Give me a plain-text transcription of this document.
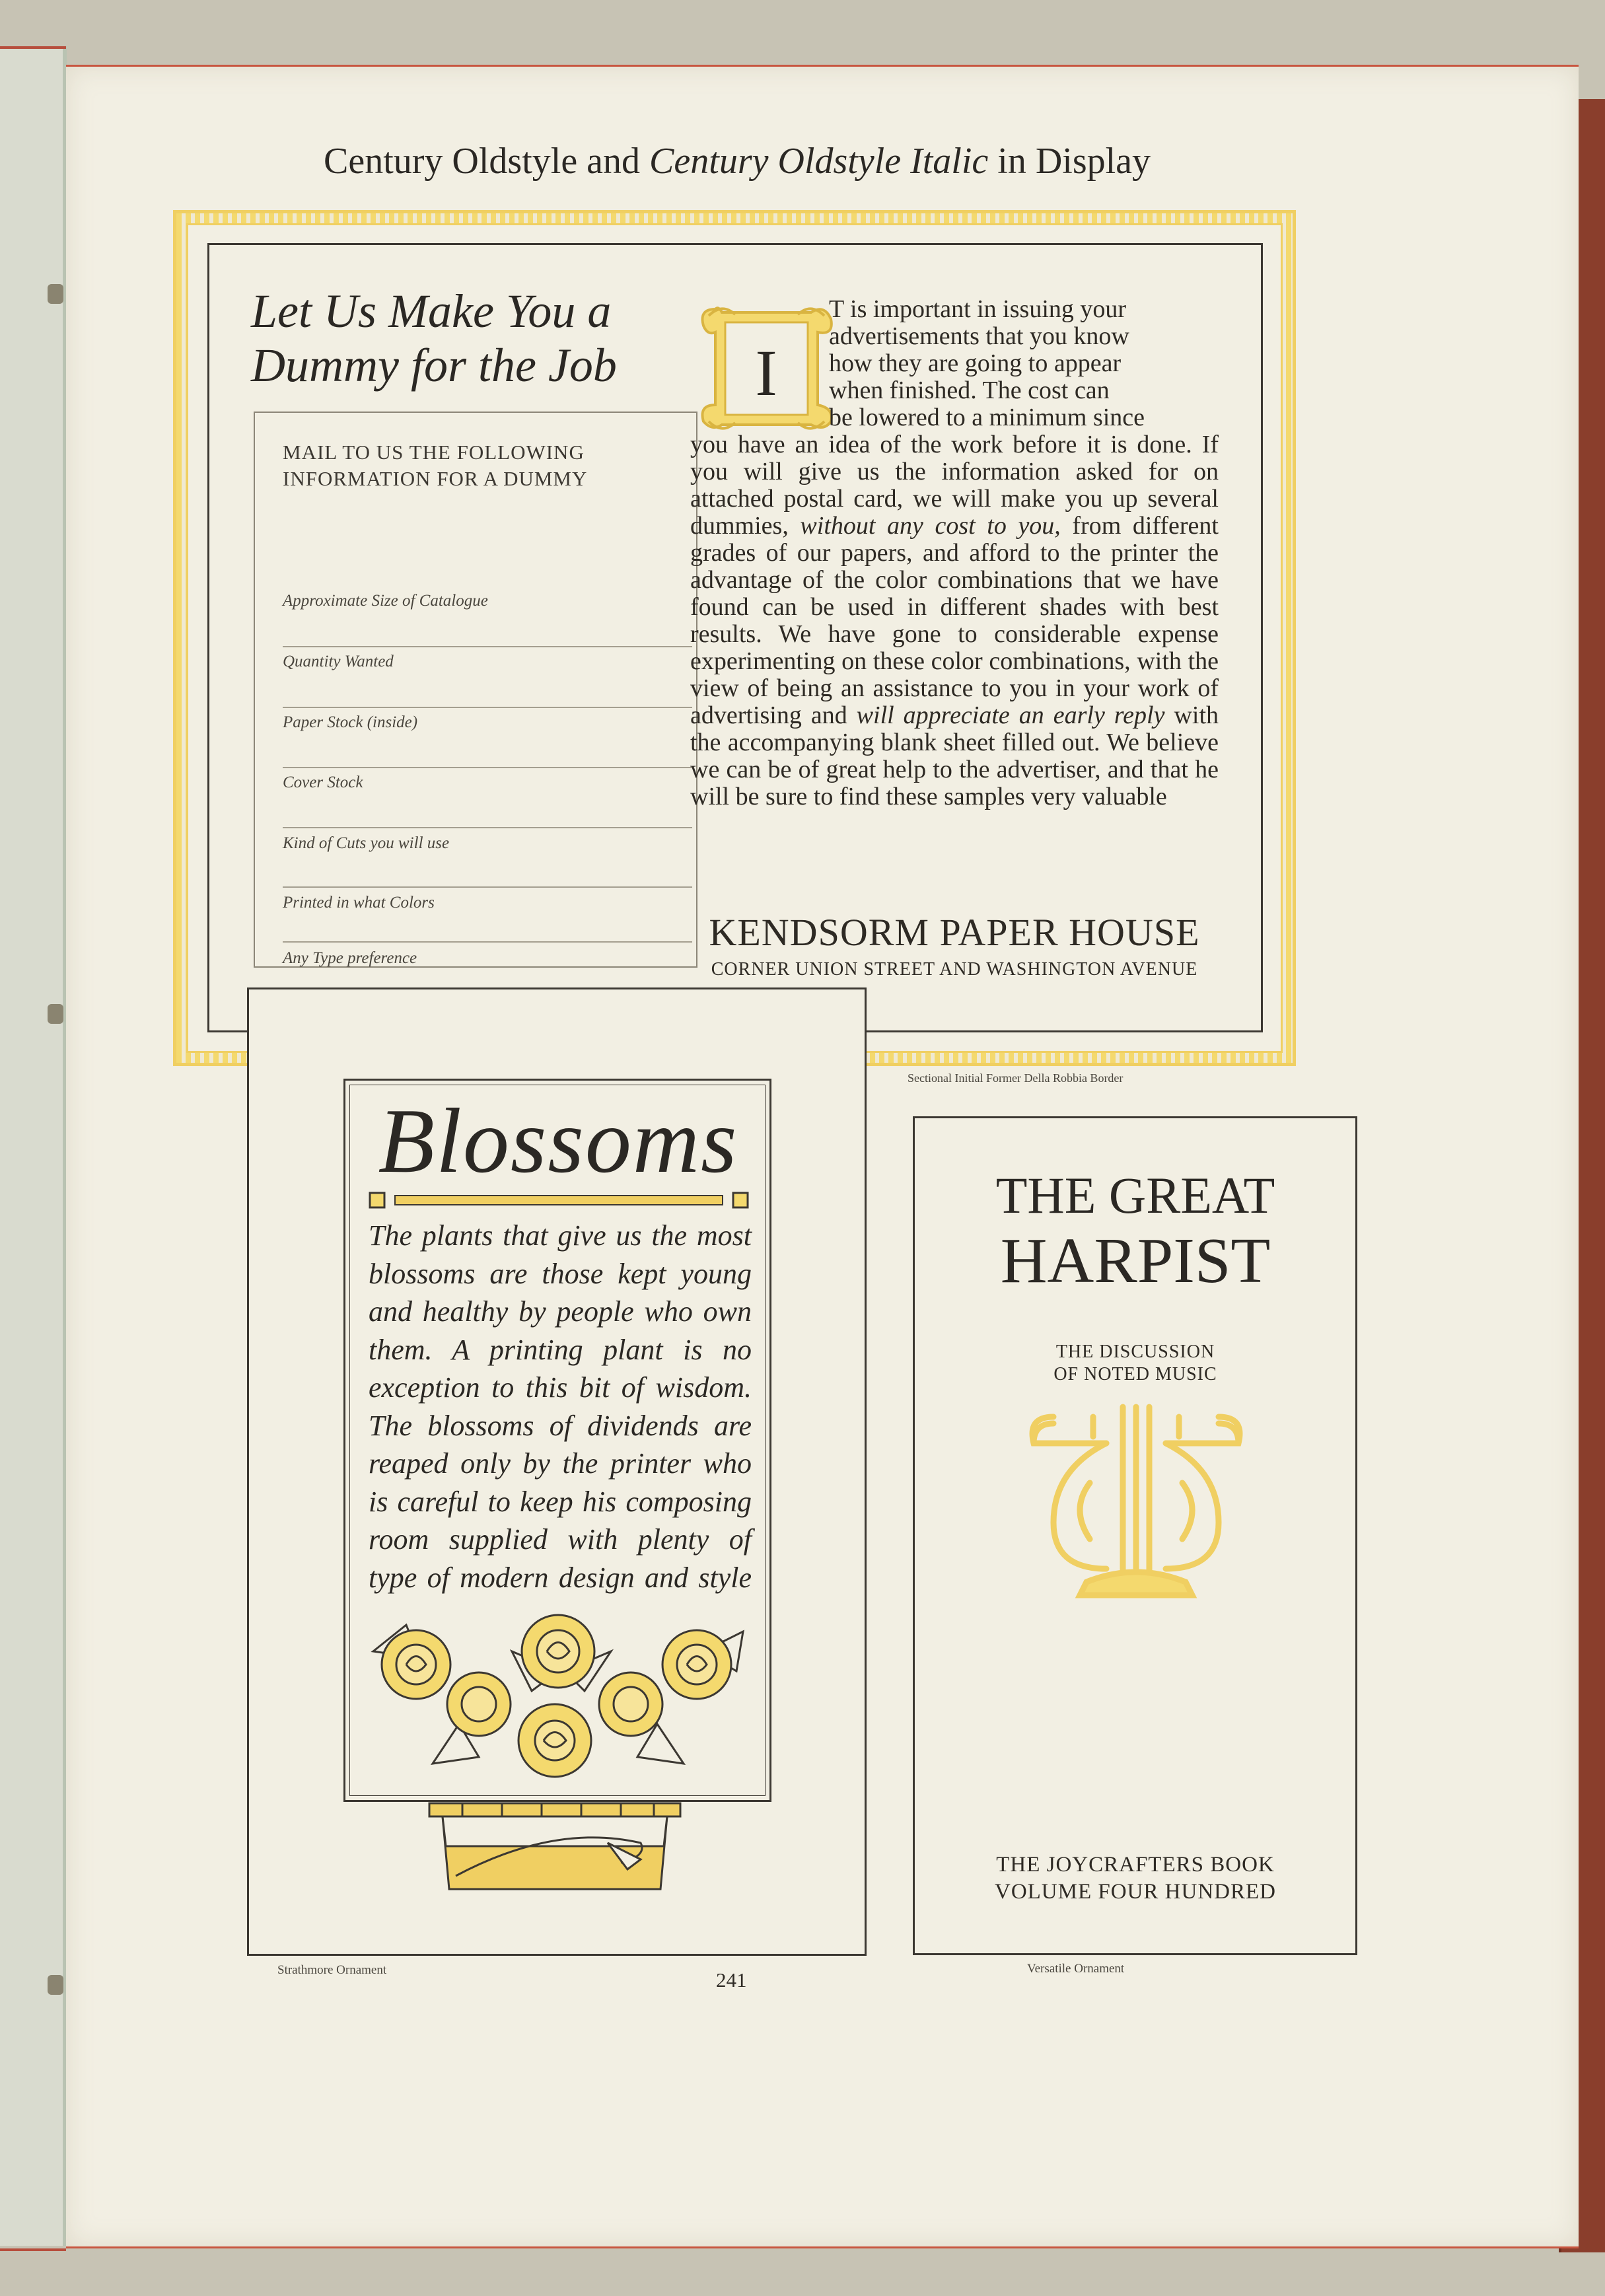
Century Oldstyle and Century Oldstyle Italic in Display
Let Us Make You a Dummy for the Job
MAIL TO US THE FOLLOWING INFORMATION FOR A DUMMY
Approximate Size of Catalogue
Quantity Wanted
Paper Stock (inside)
Cover Stock
Kind of Cuts you will use
Printed in what Colors
Any Type preference
I
T is important in issuing your
advertisements that you know
how they are going to appear
when finished. The cost can
be lowered to a minimum since
you have an idea of the work before it is done. If you will give us the information asked for on attached postal card, we will make you up several dummies, without any cost to you, from different grades of our papers, and afford to the printer the advantage of the color combinations that we have found can be used in different shades with best results. We have gone to considerable expense experimenting on these color combinations, with the view of being an assistance to you in your work of advertising and will appreciate an early reply with the accompanying blank sheet filled out. We believe we can be of great help to the advertiser, and that he will be sure to find these samples very valuable
KENDSORM PAPER HOUSE
CORNER UNION STREET AND WASHINGTON AVENUE
Sectional Initial Former Della Robbia Border
Blossoms
The plants that give us the most blossoms are those kept young and healthy by people who own them. A printing plant is no exception to this bit of wisdom. The blossoms of dividends are reaped only by the printer who is careful to keep his composing room supplied with plenty of type of modern design and style
Strathmore Ornament	241
THE GREAT
HARPIST
THE DISCUSSION
OF NOTED MUSIC
THE JOYCRAFTERS BOOK
VOLUME FOUR HUNDRED
Versatile Ornament
